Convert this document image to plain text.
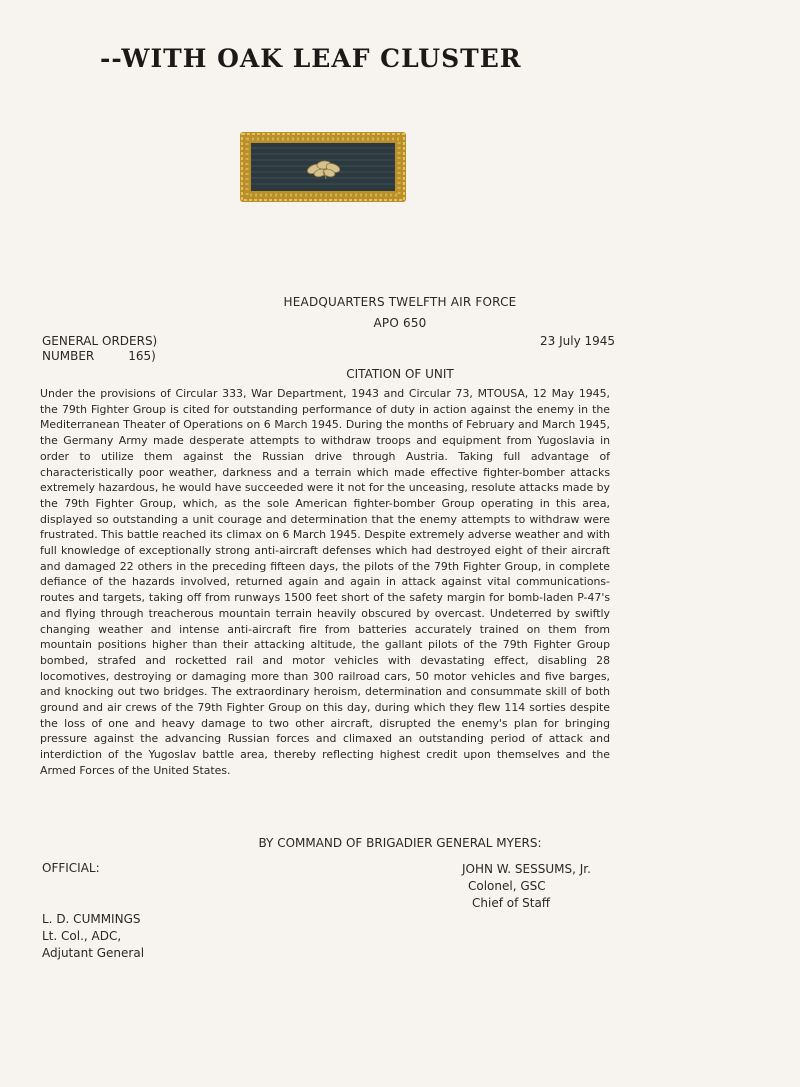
--WITH OAK LEAF CLUSTER
HEADQUARTERS TWELFTH AIR FORCE
APO 650
GENERAL ORDERS)
NUMBER	165)
23 July 1945
CITATION OF UNIT

Under the provisions of Circular 333, War Department, 1943 and Circular 73, MTOUSA, 12 May 1945, the 79th Fighter Group is cited for outstanding performance of duty in action against the enemy in the Mediterranean Theater of Operations on 6 March 1945. During the months of February and March 1945, the Germany Army made desperate attempts to withdraw troops and equipment from Yugoslavia in order to utilize them against the Russian drive through Austria. Taking full advantage of characteristically poor weather, darkness and a terrain which made effective fighter-bomber attacks extremely hazardous, he would have succeeded were it not for the unceasing, resolute attacks made by the 79th Fighter Group, which, as the sole American fighter-bomber Group operating in this area, displayed so outstanding a unit courage and determination that the enemy attempts to withdraw were frustrated. This battle reached its climax on 6 March 1945. Despite extremely adverse weather and with full knowledge of exceptionally strong anti-aircraft defenses which had destroyed eight of their aircraft and damaged 22 others in the preceding fifteen days, the pilots of the 79th Fighter Group, in complete defiance of the hazards involved, returned again and again in attack against vital communications-routes and targets, taking off from runways 1500 feet short of the safety margin for bomb-laden P-47's and flying through treacherous mountain terrain heavily obscured by overcast. Undeterred by swiftly changing weather and intense anti-aircraft fire from batteries accurately trained on them from mountain positions higher than their attacking altitude, the gallant pilots of the 79th Fighter Group bombed, strafed and rocketted rail and motor vehicles with devastating effect, disabling 28 locomotives, destroying or damaging more than 300 railroad cars, 50 motor vehicles and five barges, and knocking out two bridges. The extraordinary heroism, determination and consummate skill of both ground and air crews of the 79th Fighter Group on this day, during which they flew 114 sorties despite the loss of one and heavy damage to two other aircraft, disrupted the enemy's plan for bringing pressure against the advancing Russian forces and climaxed an outstanding period of attack and interdiction of the Yugoslav battle area, thereby reflecting highest credit upon themselves and the Armed Forces of the United States.

BY COMMAND OF BRIGADIER GENERAL MYERS:
OFFICIAL:	JOHN W. SESSUMS, Jr.
Colonel, GSC
Chief of Staff
L. D. CUMMINGS
Lt. Col., ADC,
Adjutant General
